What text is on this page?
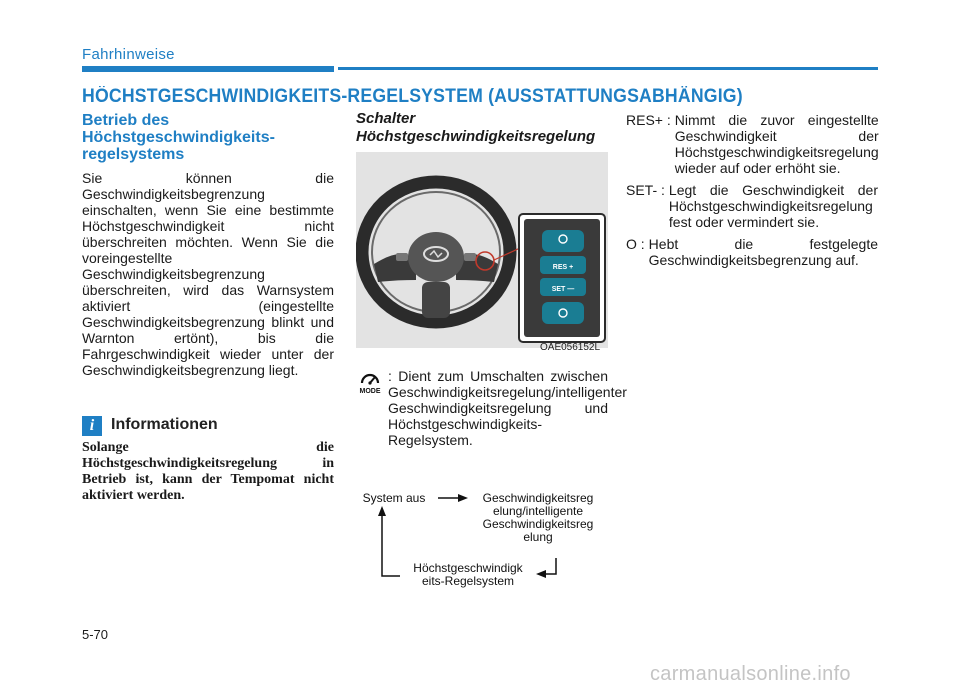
Fahrhinweise
HÖCHSTGESCHWINDIGKEITS-REGELSYSTEM (AUSSTATTUNGSABHÄNGIG)
Betrieb des Höchstgeschwindigkeits-regelsystems
Sie können die Geschwindigkeitsbegrenzung einschalten, wenn Sie eine bestimmte Höchstgeschwindigkeit nicht überschreiten möchten. Wenn Sie die voreingestellte Geschwindigkeitsbegrenzung überschreiten, wird das Warnsystem aktiviert (eingestellte Geschwindigkeitsbegrenzung blinkt und Warnton ertönt), bis die Fahrgeschwindigkeit wieder unter der Geschwindigkeitsbegrenzung liegt.
i	Informationen
Solange die Höchstgeschwindigkeitsregelung in Betrieb ist, kann der Tempomat nicht aktiviert werden.
Schalter Höchstgeschwindigkeitsregelung
RES +
SET —
OAE056152L
MODE
: Dient zum Umschalten zwischen Geschwindigkeitsregelung/intelligenter Geschwindigkeitsregelung und Höchstgeschwindigkeits-Regelsystem.
System aus	Geschwindigkeitsreg
elung/intelligente
Geschwindigkeitsreg
elung
Höchstgeschwindigk
eits-Regelsystem
RES+ : Nimmt die zuvor eingestellte Geschwindigkeit der Höchstgeschwindigkeitsregelung wieder auf oder erhöht sie.
SET- : Legt die Geschwindigkeit der Höchstgeschwindigkeitsregelung fest oder vermindert sie.
O : Hebt die festgelegte Geschwindigkeitsbegrenzung auf.
5-70
carmanualsonline.info
